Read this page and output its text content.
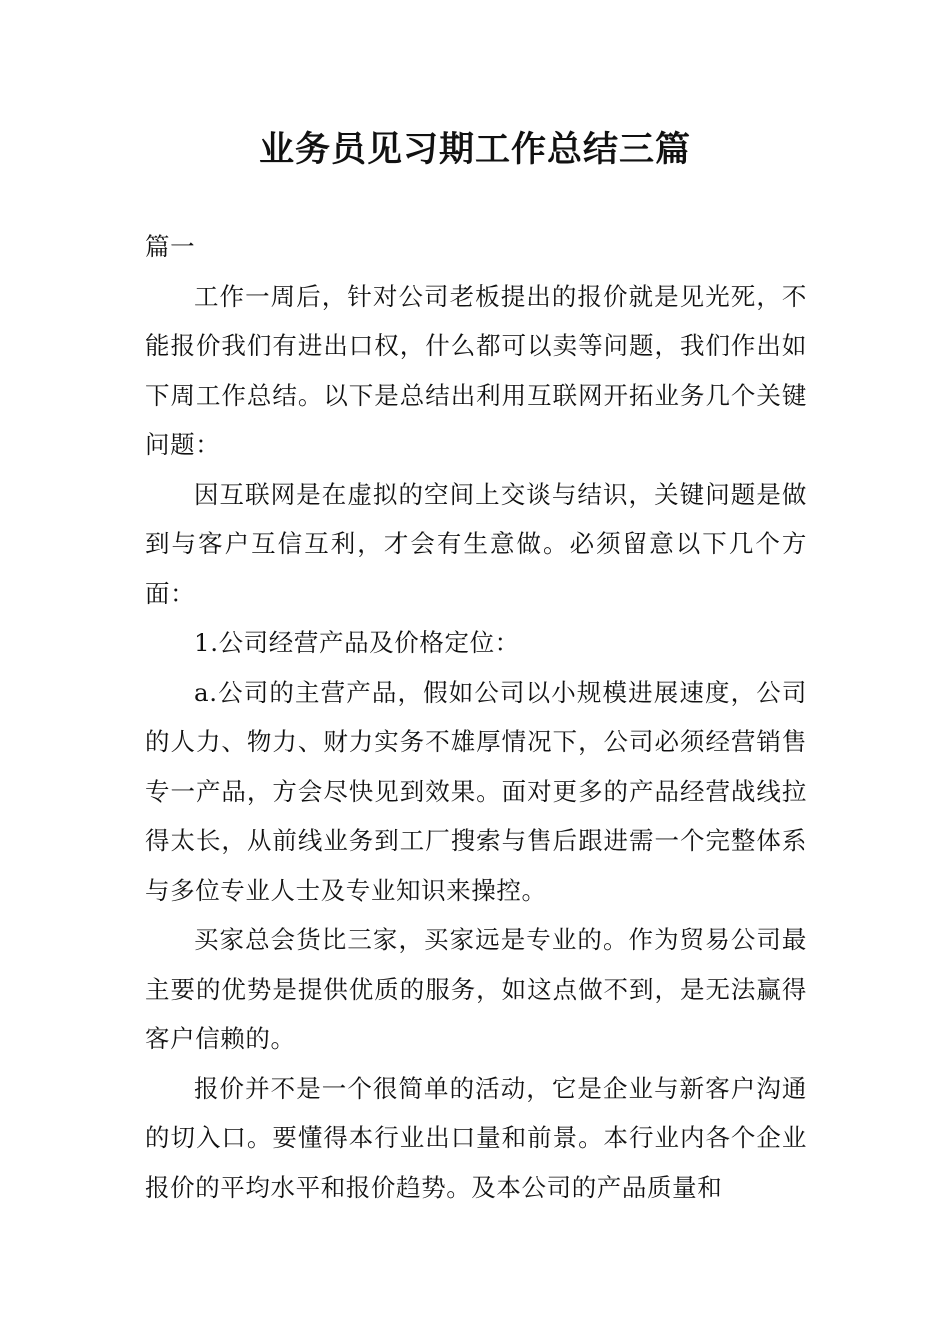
业务员见习期工作总结三篇

篇一

工作一周后，针对公司老板提出的报价就是见光死，不能报价我们有进出口权，什么都可以卖等问题，我们作出如下周工作总结。以下是总结出利用互联网开拓业务几个关键问题：

因互联网是在虚拟的空间上交谈与结识，关键问题是做到与客户互信互利，才会有生意做。必须留意以下几个方面：

1.公司经营产品及价格定位：

a.公司的主营产品，假如公司以小规模进展速度，公司的人力、物力、财力实务不雄厚情况下，公司必须经营销售专一产品，方会尽快见到效果。面对更多的产品经营战线拉得太长，从前线业务到工厂搜索与售后跟进需一个完整体系与多位专业人士及专业知识来操控。

买家总会货比三家，买家远是专业的。作为贸易公司最主要的优势是提供优质的服务，如这点做不到，是无法赢得客户信赖的。

报价并不是一个很简单的活动，它是企业与新客户沟通的切入口。要懂得本行业出口量和前景。本行业内各个企业报价的平均水平和报价趋势。及本公司的产品质量和
